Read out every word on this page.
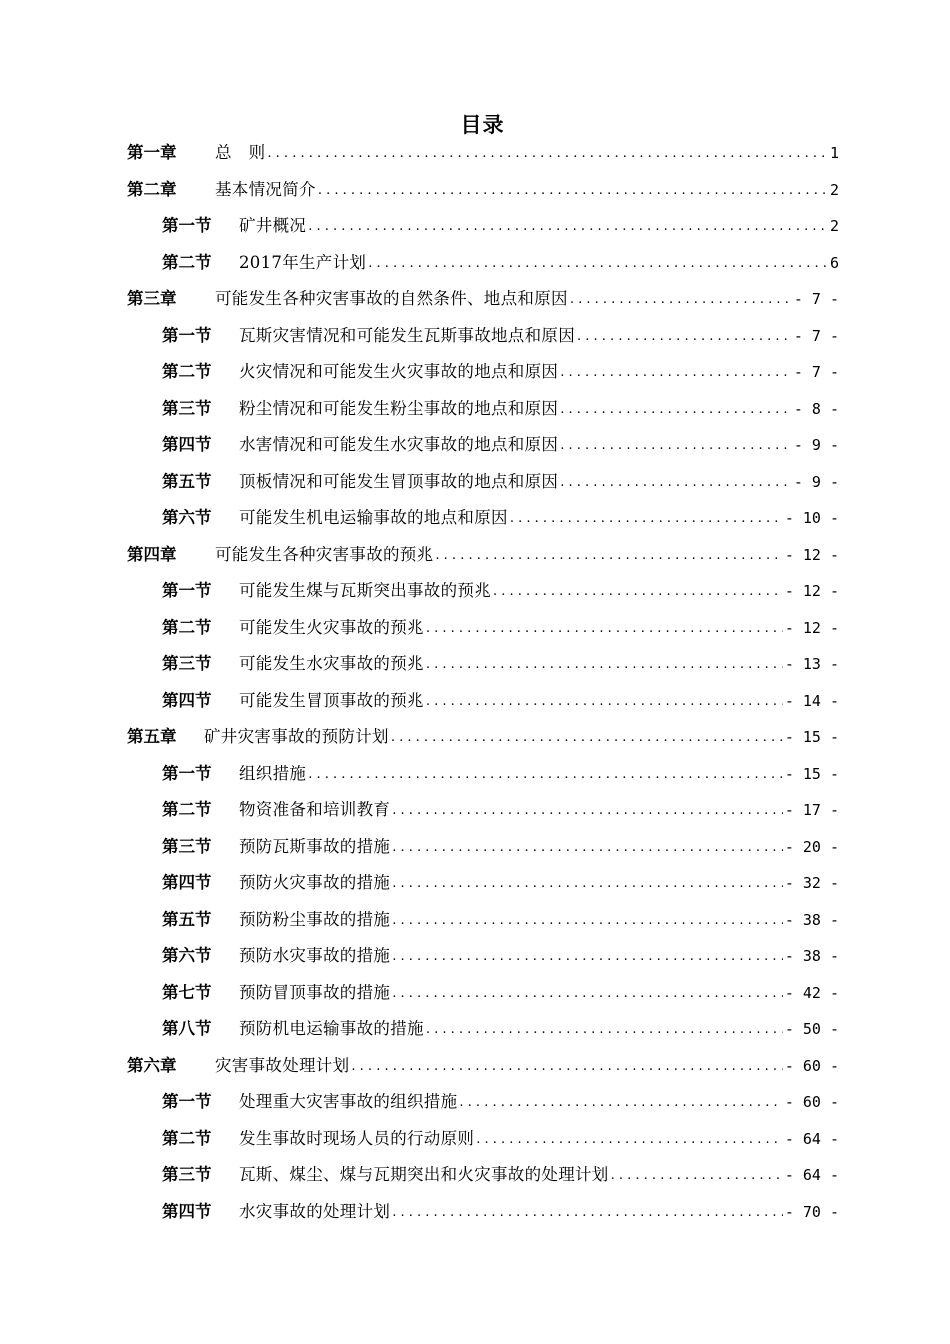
目录
第一章	总　则 . . .	1
第二章	基本情况简介 . . .	2
第一节	矿井概况 . . .	2
第二节	2017年生产计划 . . .	6
第三章	可能发生各种灾害事故的自然条件、地点和原因 . . .	- 7 -
第一节	瓦斯灾害情况和可能发生瓦斯事故地点和原因 . . .	- 7 -
第二节	火灾情况和可能发生火灾事故的地点和原因 . . .	- 7 -
第三节	粉尘情况和可能发生粉尘事故的地点和原因 . . .	- 8 -
第四节	水害情况和可能发生水灾事故的地点和原因 . . .	- 9 -
第五节	顶板情况和可能发生冒顶事故的地点和原因 . . .	- 9 -
第六节	可能发生机电运输事故的地点和原因 . . .	- 10 -
第四章	可能发生各种灾害事故的预兆 . . .	- 12 -
第一节	可能发生煤与瓦斯突出事故的预兆 . . .	- 12 -
第二节	可能发生火灾事故的预兆 . . .	- 12 -
第三节	可能发生水灾事故的预兆 . . .	- 13 -
第四节	可能发生冒顶事故的预兆 . . .	- 14 -
第五章	矿井灾害事故的预防计划 . . .	- 15 -
第一节	组织措施 . . .	- 15 -
第二节	物资准备和培训教育 . . .	- 17 -
第三节	预防瓦斯事故的措施 . . .	- 20 -
第四节	预防火灾事故的措施 . . .	- 32 -
第五节	预防粉尘事故的措施 . . .	- 38 -
第六节	预防水灾事故的措施 . . .	- 38 -
第七节	预防冒顶事故的措施 . . .	- 42 -
第八节	预防机电运输事故的措施 . . .	- 50 -
第六章	灾害事故处理计划 . . .	- 60 -
第一节	处理重大灾害事故的组织措施 . . .	- 60 -
第二节	发生事故时现场人员的行动原则 . . .	- 64 -
第三节	瓦斯、煤尘、煤与瓦期突出和火灾事故的处理计划 . . .	- 64 -
第四节	水灾事故的处理计划 . . .	- 70 -
